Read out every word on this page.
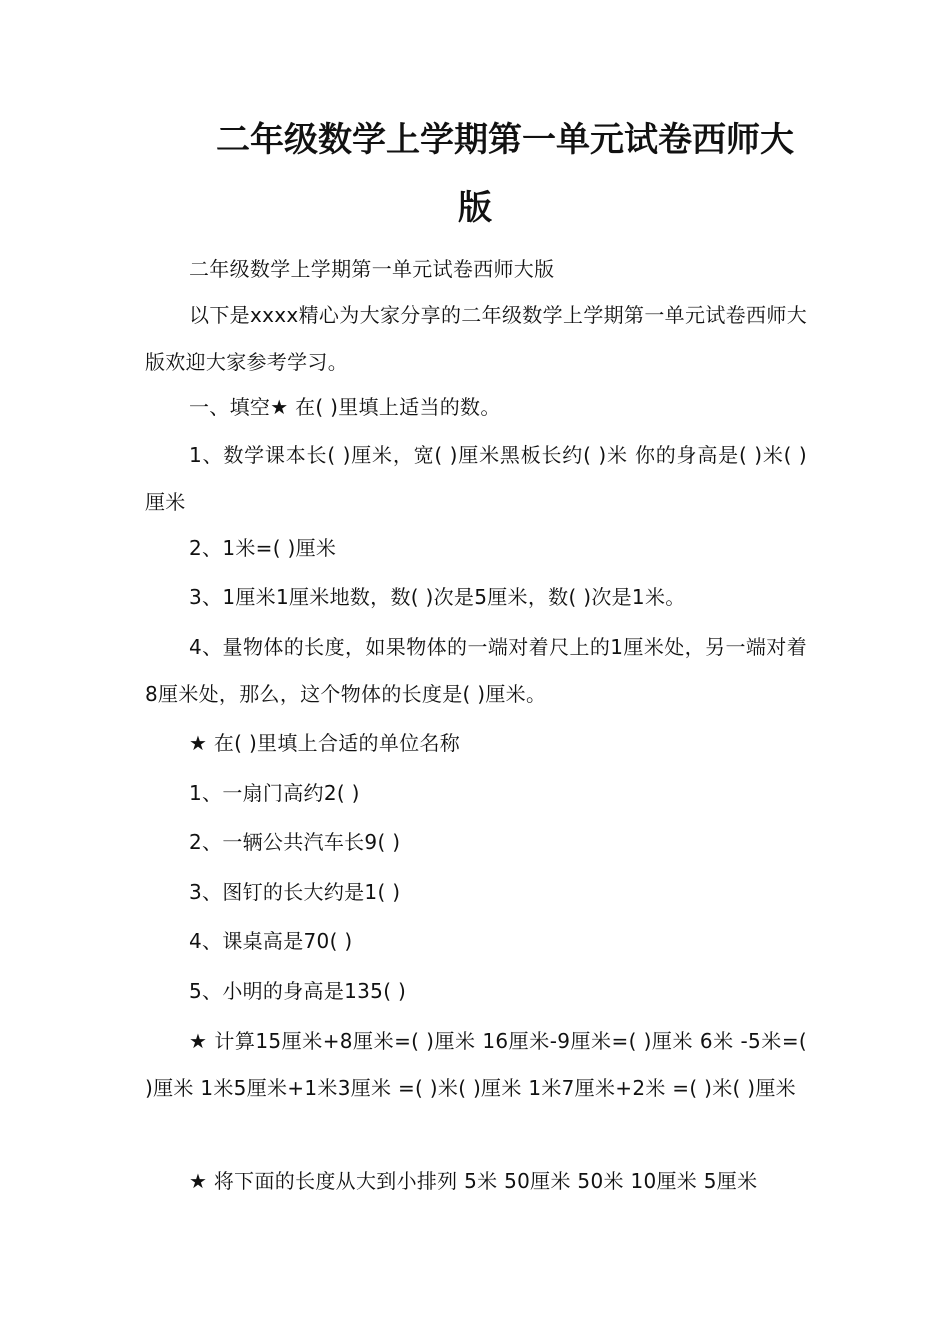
二年级数学上学期第一单元试卷西师大
版

二年级数学上学期第一单元试卷西师大版

以下是xxxx精心为大家分享的二年级数学上学期第一单元试卷西师大版欢迎大家参考学习。

一、填空★ 在( )里填上适当的数。

1、数学课本长( )厘米，宽( )厘米黑板长约( )米 你的身高是( )米( )厘米

2、1米=( )厘米

3、1厘米1厘米地数，数( )次是5厘米，数( )次是1米。

4、量物体的长度，如果物体的一端对着尺上的1厘米处，另一端对着8厘米处，那么，这个物体的长度是( )厘米。

★ 在( )里填上合适的单位名称

1、一扇门高约2( )

2、一辆公共汽车长9( )

3、图钉的长大约是1( )

4、课桌高是70( )

5、小明的身高是135( )

★ 计算15厘米+8厘米=( )厘米 16厘米-9厘米=( )厘米 6米 -5米=( )厘米 1米5厘米+1米3厘米 =( )米( )厘米 1米7厘米+2米 =( )米( )厘米

★ 将下面的长度从大到小排列 5米 50厘米 50米 10厘米 5厘米
